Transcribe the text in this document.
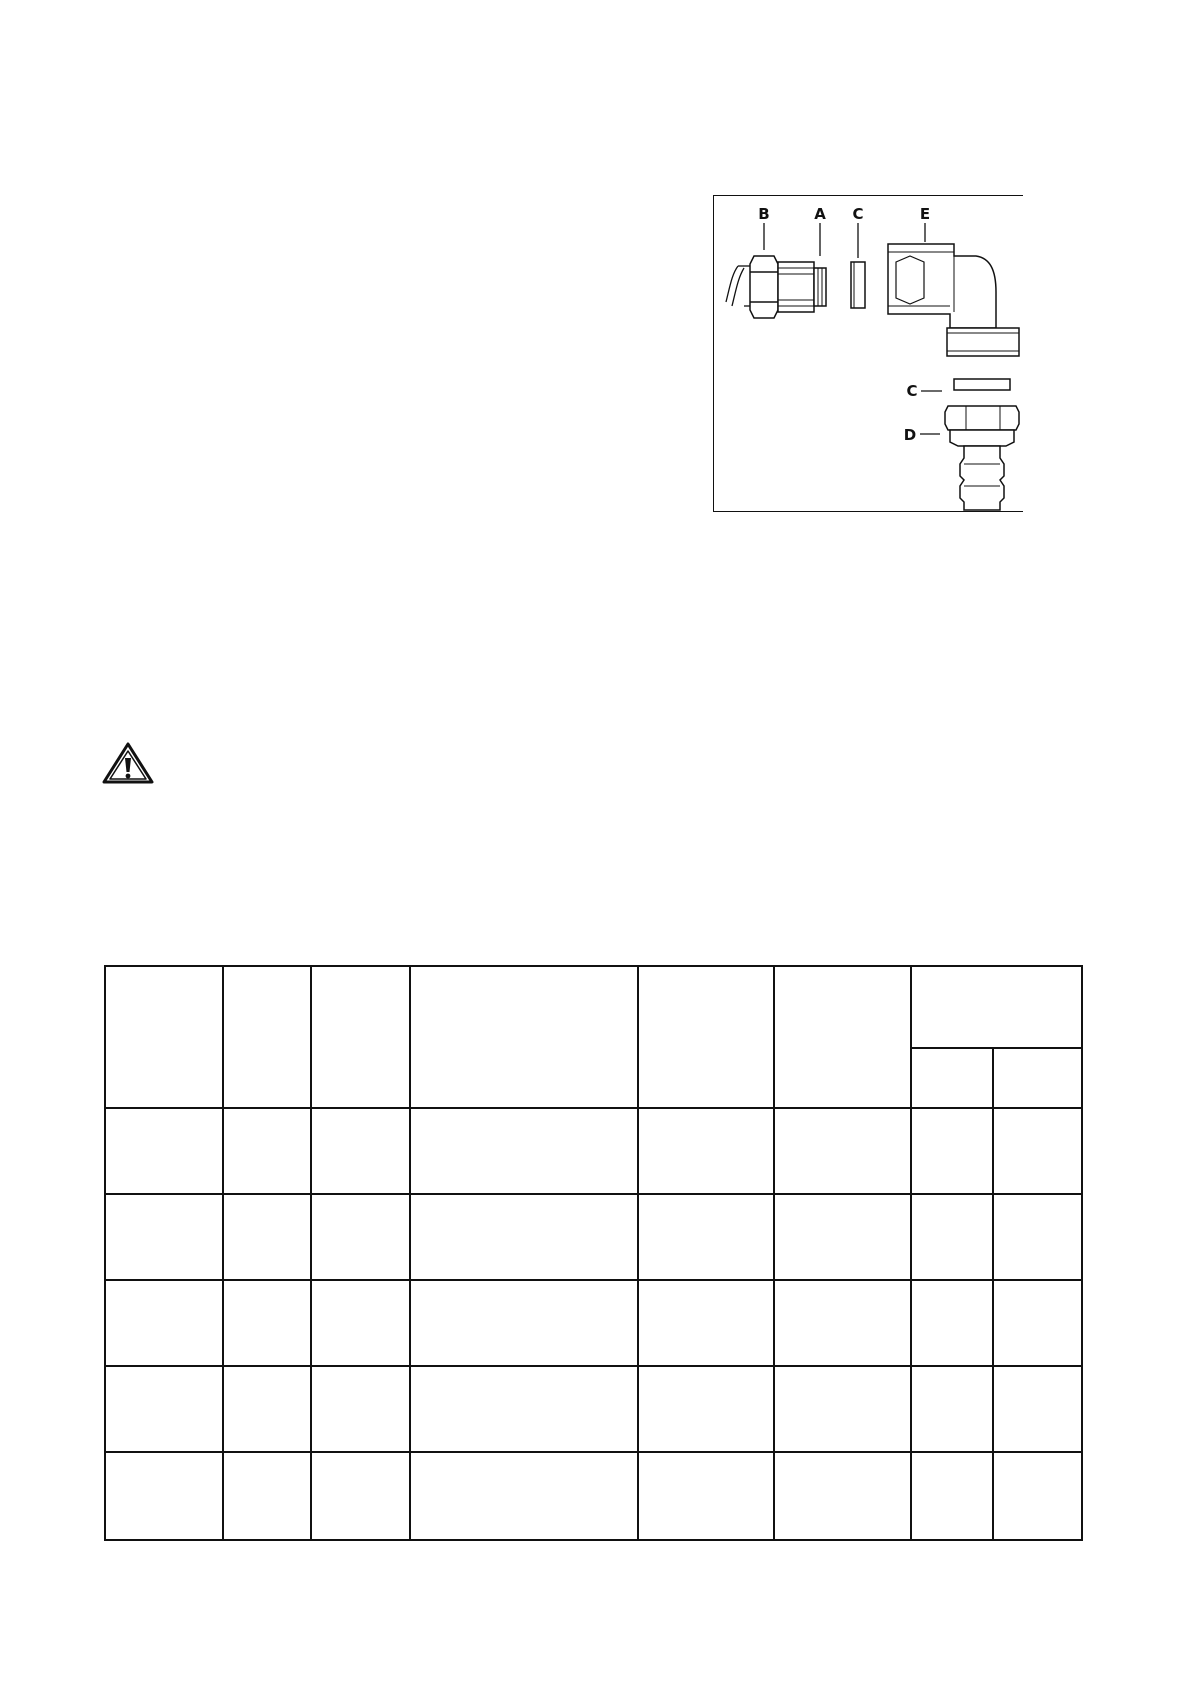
B	A C	E
C
D
